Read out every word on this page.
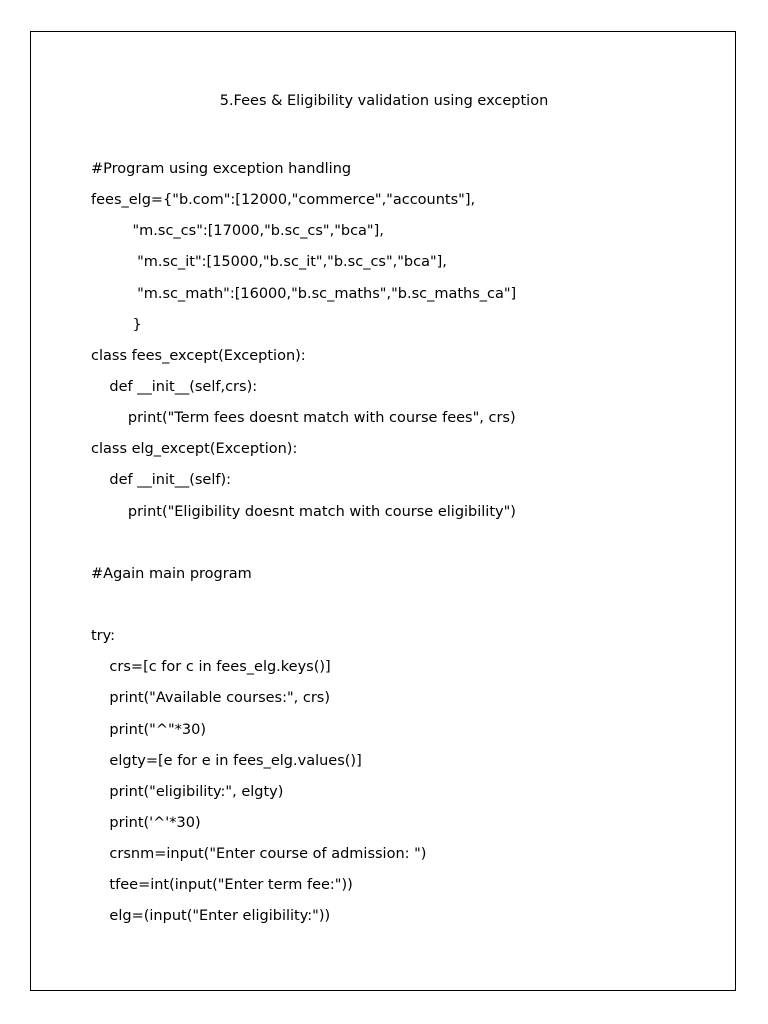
5.Fees & Eligibility validation using exception
#Program using exception handling
fees_elg={"b.com":[12000,"commerce","accounts"],
"m.sc_cs":[17000,"b.sc_cs","bca"],
"m.sc_it":[15000,"b.sc_it","b.sc_cs","bca"],
"m.sc_math":[16000,"b.sc_maths","b.sc_maths_ca"]
}
class fees_except(Exception):
def __init__(self,crs):
print("Term fees doesnt match with course fees", crs)
class elg_except(Exception):
def __init__(self):
print("Eligibility doesnt match with course eligibility")
#Again main program
try:
crs=[c for c in fees_elg.keys()]
print("Available courses:", crs)
print("^"*30)
elgty=[e for e in fees_elg.values()]
print("eligibility:", elgty)
print('^'*30)
crsnm=input("Enter course of admission: ")
tfee=int(input("Enter term fee:"))
elg=(input("Enter eligibility:"))
